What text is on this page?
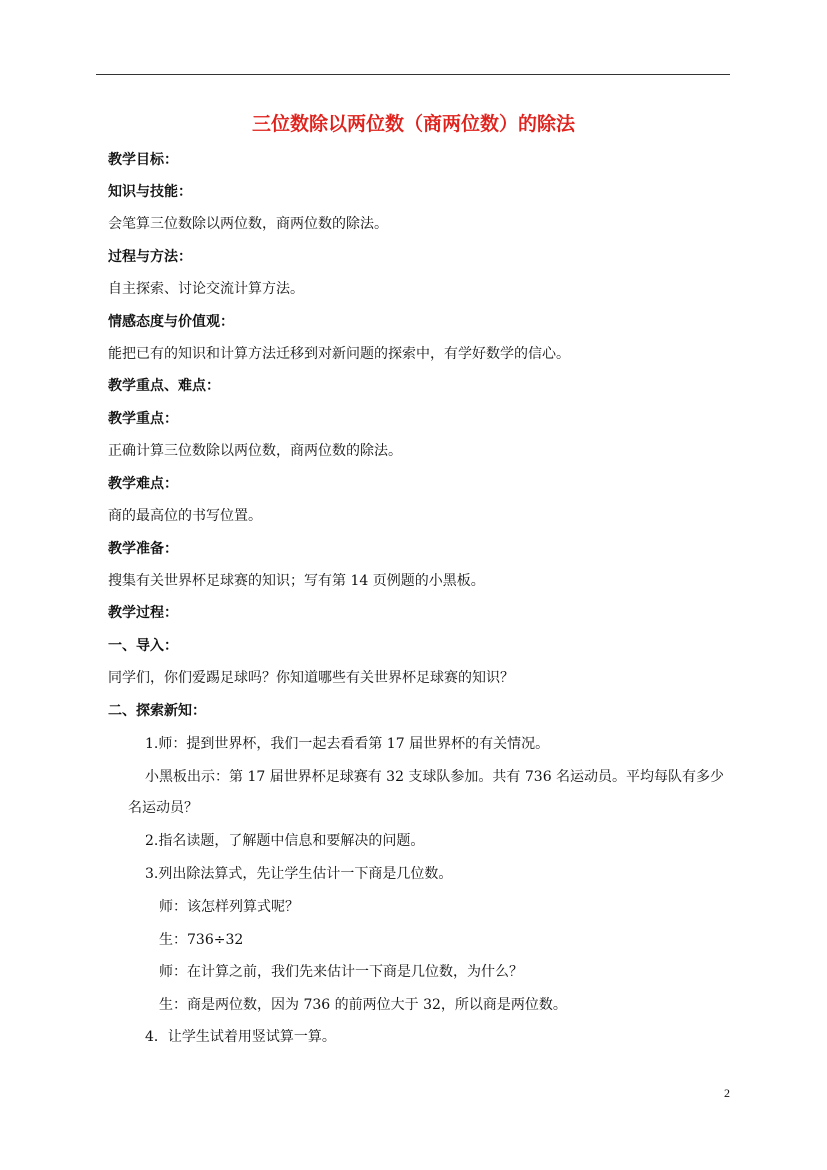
三位数除以两位数（商两位数）的除法
教学目标：
知识与技能：
会笔算三位数除以两位数，商两位数的除法。
过程与方法：
自主探索、讨论交流计算方法。
情感态度与价值观：
能把已有的知识和计算方法迁移到对新问题的探索中，有学好数学的信心。
教学重点、难点：
教学重点：
正确计算三位数除以两位数，商两位数的除法。
教学难点：
商的最高位的书写位置。
教学准备：
搜集有关世界杯足球赛的知识；写有第 14 页例题的小黑板。
教学过程：
一、导入：
同学们，你们爱踢足球吗？你知道哪些有关世界杯足球赛的知识？
二、探索新知：
1.师：提到世界杯，我们一起去看看第 17 届世界杯的有关情况。
小黑板出示：第 17 届世界杯足球赛有 32 支球队参加。共有 736 名运动员。平均每队有多少
名运动员？
2.指名读题，了解题中信息和要解决的问题。
3.列出除法算式，先让学生估计一下商是几位数。
师：该怎样列算式呢？
生：736÷32
师：在计算之前，我们先来估计一下商是几位数，为什么？
生：商是两位数，因为 736 的前两位大于 32，所以商是两位数。
4．让学生试着用竖试算一算。
2
